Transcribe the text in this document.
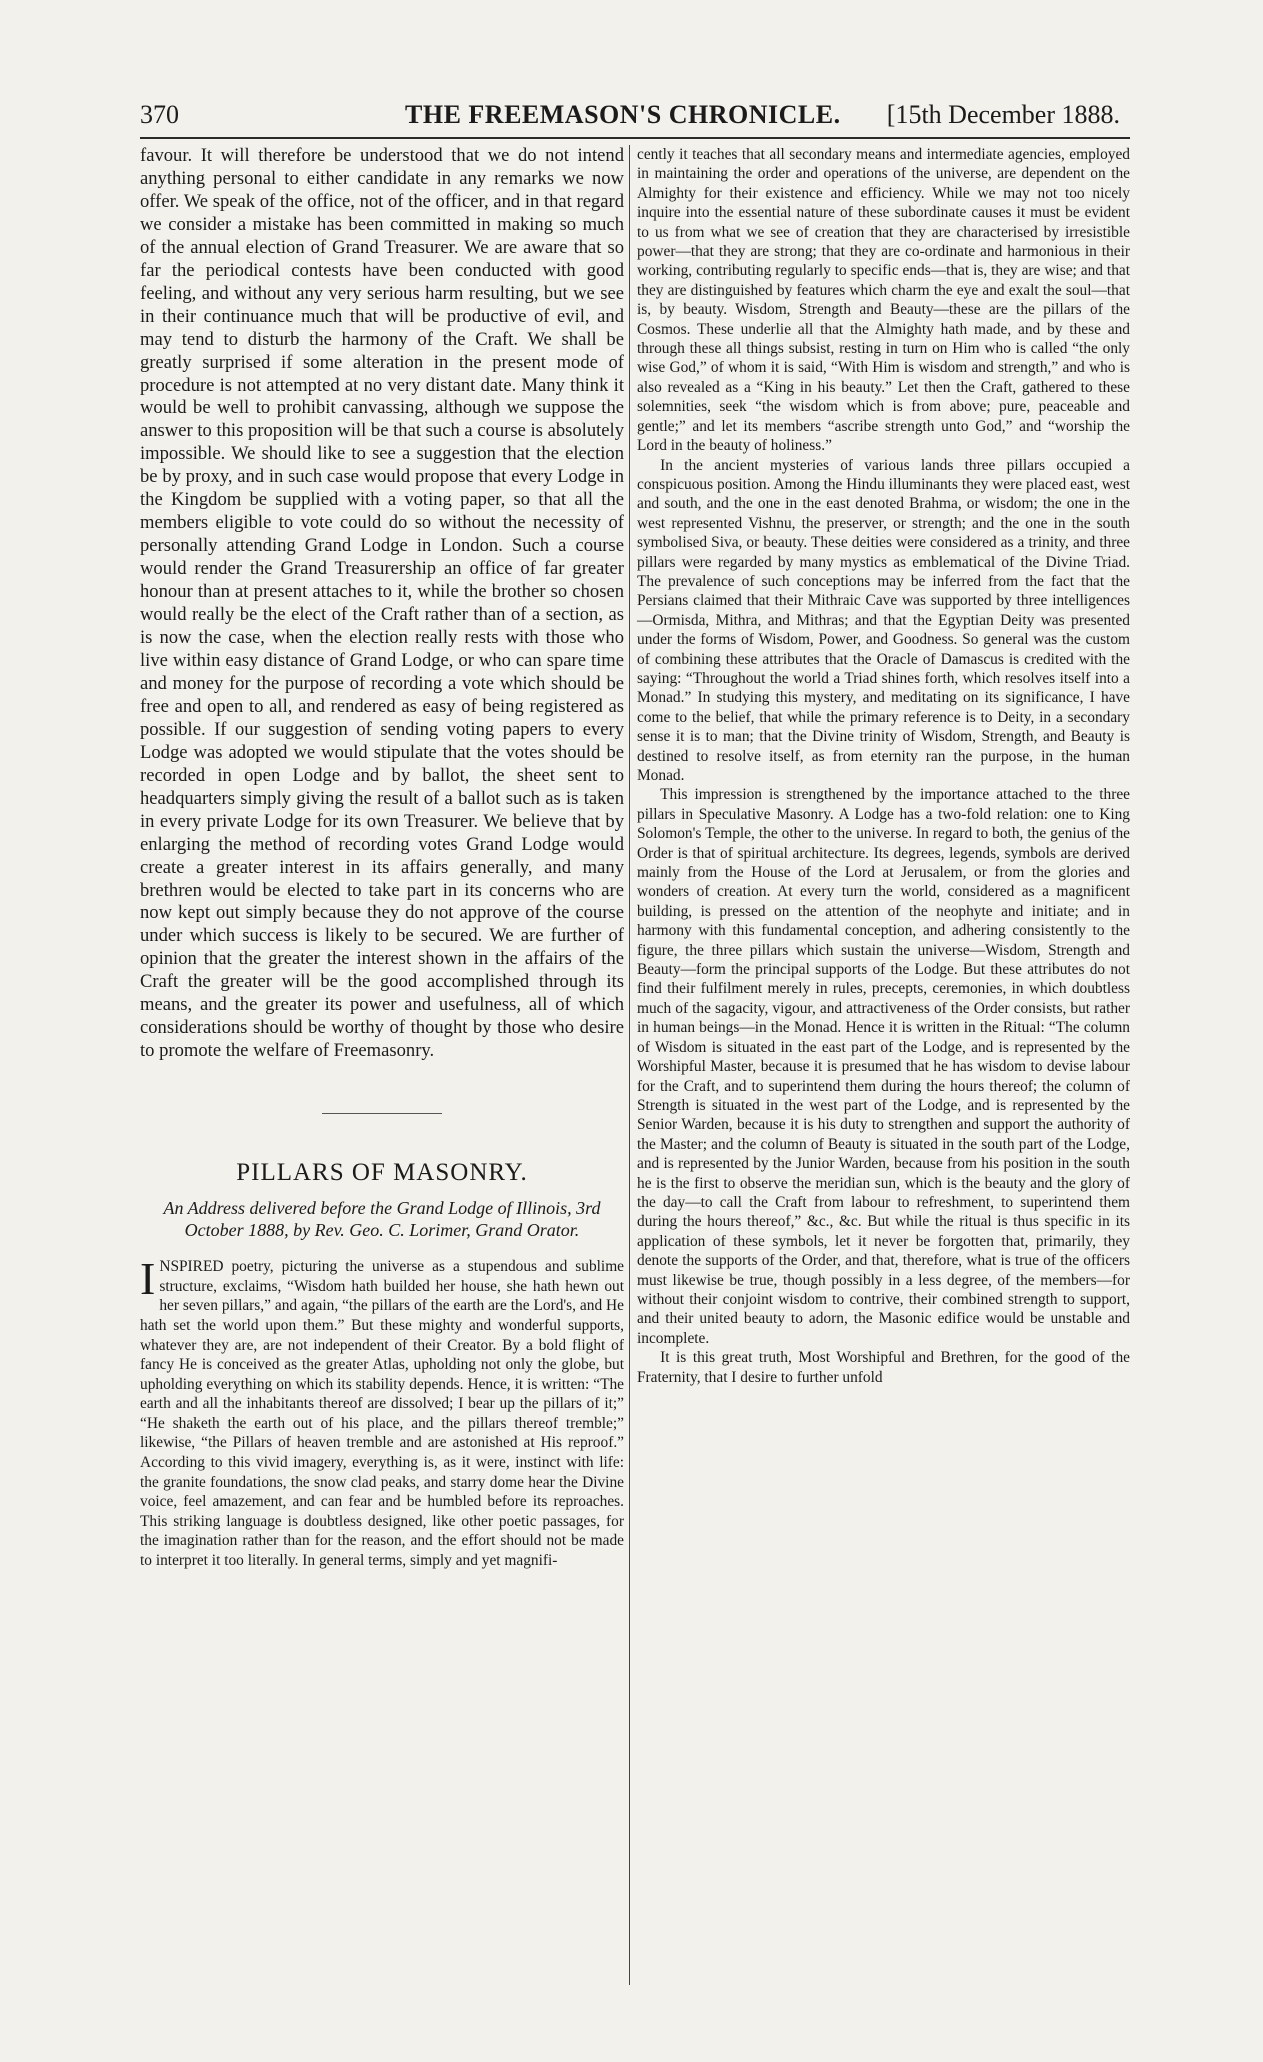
370	THE FREEMASON'S CHRONICLE. [15th December 1888.

favour. It will therefore be understood that we do not intend anything personal to either candidate in any remarks we now offer. We speak of the office, not of the officer, and in that regard we consider a mistake has been committed in making so much of the annual election of Grand Treasurer. We are aware that so far the periodical contests have been conducted with good feeling, and without any very serious harm resulting, but we see in their continuance much that will be productive of evil, and may tend to disturb the harmony of the Craft. We shall be greatly surprised if some alteration in the present mode of procedure is not attempted at no very distant date. Many think it would be well to prohibit canvassing, although we suppose the answer to this proposition will be that such a course is absolutely impossible. We should like to see a suggestion that the election be by proxy, and in such case would propose that every Lodge in the Kingdom be supplied with a voting paper, so that all the members eligible to vote could do so without the necessity of personally attending Grand Lodge in London. Such a course would render the Grand Treasurership an office of far greater honour than at present attaches to it, while the brother so chosen would really be the elect of the Craft rather than of a section, as is now the case, when the election really rests with those who live within easy distance of Grand Lodge, or who can spare time and money for the purpose of recording a vote which should be free and open to all, and rendered as easy of being registered as possible. If our suggestion of sending voting papers to every Lodge was adopted we would stipulate that the votes should be recorded in open Lodge and by ballot, the sheet sent to headquarters simply giving the result of a ballot such as is taken in every private Lodge for its own Treasurer. We believe that by enlarging the method of recording votes Grand Lodge would create a greater interest in its affairs generally, and many brethren would be elected to take part in its concerns who are now kept out simply because they do not approve of the course under which success is likely to be secured. We are further of opinion that the greater the interest shown in the affairs of the Craft the greater will be the good accomplished through its means, and the greater its power and usefulness, all of which considerations should be worthy of thought by those who desire to promote the welfare of Freemasonry.

PILLARS OF MASONRY.
An Address delivered before the Grand Lodge of Illinois, 3rd October 1888, by Rev. Geo. C. Lorimer, Grand Orator.

INSPIRED poetry, picturing the universe as a stupendous and sublime structure, exclaims, “Wisdom hath builded her house, she hath hewn out her seven pillars,” and again, “the pillars of the earth are the Lord's, and He hath set the world upon them.” But these mighty and wonderful supports, whatever they are, are not independent of their Creator. By a bold flight of fancy He is conceived as the greater Atlas, upholding not only the globe, but upholding everything on which its stability depends. Hence, it is written: “The earth and all the inhabitants thereof are dissolved; I bear up the pillars of it;” “He shaketh the earth out of his place, and the pillars thereof tremble;” likewise, “the Pillars of heaven tremble and are astonished at His reproof.” According to this vivid imagery, everything is, as it were, instinct with life: the granite foundations, the snow clad peaks, and starry dome hear the Divine voice, feel amazement, and can fear and be humbled before its reproaches. This striking language is doubtless designed, like other poetic passages, for the imagination rather than for the reason, and the effort should not be made to interpret it too literally. In general terms, simply and yet magnifi-

cently it teaches that all secondary means and intermediate agencies, employed in maintaining the order and operations of the universe, are dependent on the Almighty for their existence and efficiency. While we may not too nicely inquire into the essential nature of these subordinate causes it must be evident to us from what we see of creation that they are characterised by irresistible power—that they are strong; that they are co-ordinate and harmonious in their working, contributing regularly to specific ends—that is, they are wise; and that they are distinguished by features which charm the eye and exalt the soul—that is, by beauty. Wisdom, Strength and Beauty—these are the pillars of the Cosmos. These underlie all that the Almighty hath made, and by these and through these all things subsist, resting in turn on Him who is called “the only wise God,” of whom it is said, “With Him is wisdom and strength,” and who is also revealed as a “King in his beauty.” Let then the Craft, gathered to these solemnities, seek “the wisdom which is from above; pure, peaceable and gentle;” and let its members “ascribe strength unto God,” and “worship the Lord in the beauty of holiness.”

In the ancient mysteries of various lands three pillars occupied a conspicuous position. Among the Hindu illuminants they were placed east, west and south, and the one in the east denoted Brahma, or wisdom; the one in the west represented Vishnu, the preserver, or strength; and the one in the south symbolised Siva, or beauty. These deities were considered as a trinity, and three pillars were regarded by many mystics as emblematical of the Divine Triad. The prevalence of such conceptions may be inferred from the fact that the Persians claimed that their Mithraic Cave was supported by three intelligences—Ormisda, Mithra, and Mithras; and that the Egyptian Deity was presented under the forms of Wisdom, Power, and Goodness. So general was the custom of combining these attributes that the Oracle of Damascus is credited with the saying: “Throughout the world a Triad shines forth, which resolves itself into a Monad.” In studying this mystery, and meditating on its significance, I have come to the belief, that while the primary reference is to Deity, in a secondary sense it is to man; that the Divine trinity of Wisdom, Strength, and Beauty is destined to resolve itself, as from eternity ran the purpose, in the human Monad.

This impression is strengthened by the importance attached to the three pillars in Speculative Masonry. A Lodge has a two-fold relation: one to King Solomon's Temple, the other to the universe. In regard to both, the genius of the Order is that of spiritual architecture. Its degrees, legends, symbols are derived mainly from the House of the Lord at Jerusalem, or from the glories and wonders of creation. At every turn the world, considered as a magnificent building, is pressed on the attention of the neophyte and initiate; and in harmony with this fundamental conception, and adhering consistently to the figure, the three pillars which sustain the universe—Wisdom, Strength and Beauty—form the principal supports of the Lodge. But these attributes do not find their fulfilment merely in rules, precepts, ceremonies, in which doubtless much of the sagacity, vigour, and attractiveness of the Order consists, but rather in human beings—in the Monad. Hence it is written in the Ritual: “The column of Wisdom is situated in the east part of the Lodge, and is represented by the Worshipful Master, because it is presumed that he has wisdom to devise labour for the Craft, and to superintend them during the hours thereof; the column of Strength is situated in the west part of the Lodge, and is represented by the Senior Warden, because it is his duty to strengthen and support the authority of the Master; and the column of Beauty is situated in the south part of the Lodge, and is represented by the Junior Warden, because from his position in the south he is the first to observe the meridian sun, which is the beauty and the glory of the day—to call the Craft from labour to refreshment, to superintend them during the hours thereof,” &c., &c. But while the ritual is thus specific in its application of these symbols, let it never be forgotten that, primarily, they denote the supports of the Order, and that, therefore, what is true of the officers must likewise be true, though possibly in a less degree, of the members—for without their conjoint wisdom to contrive, their combined strength to support, and their united beauty to adorn, the Masonic edifice would be unstable and incomplete.

It is this great truth, Most Worshipful and Brethren, for the good of the Fraternity, that I desire to further unfold
